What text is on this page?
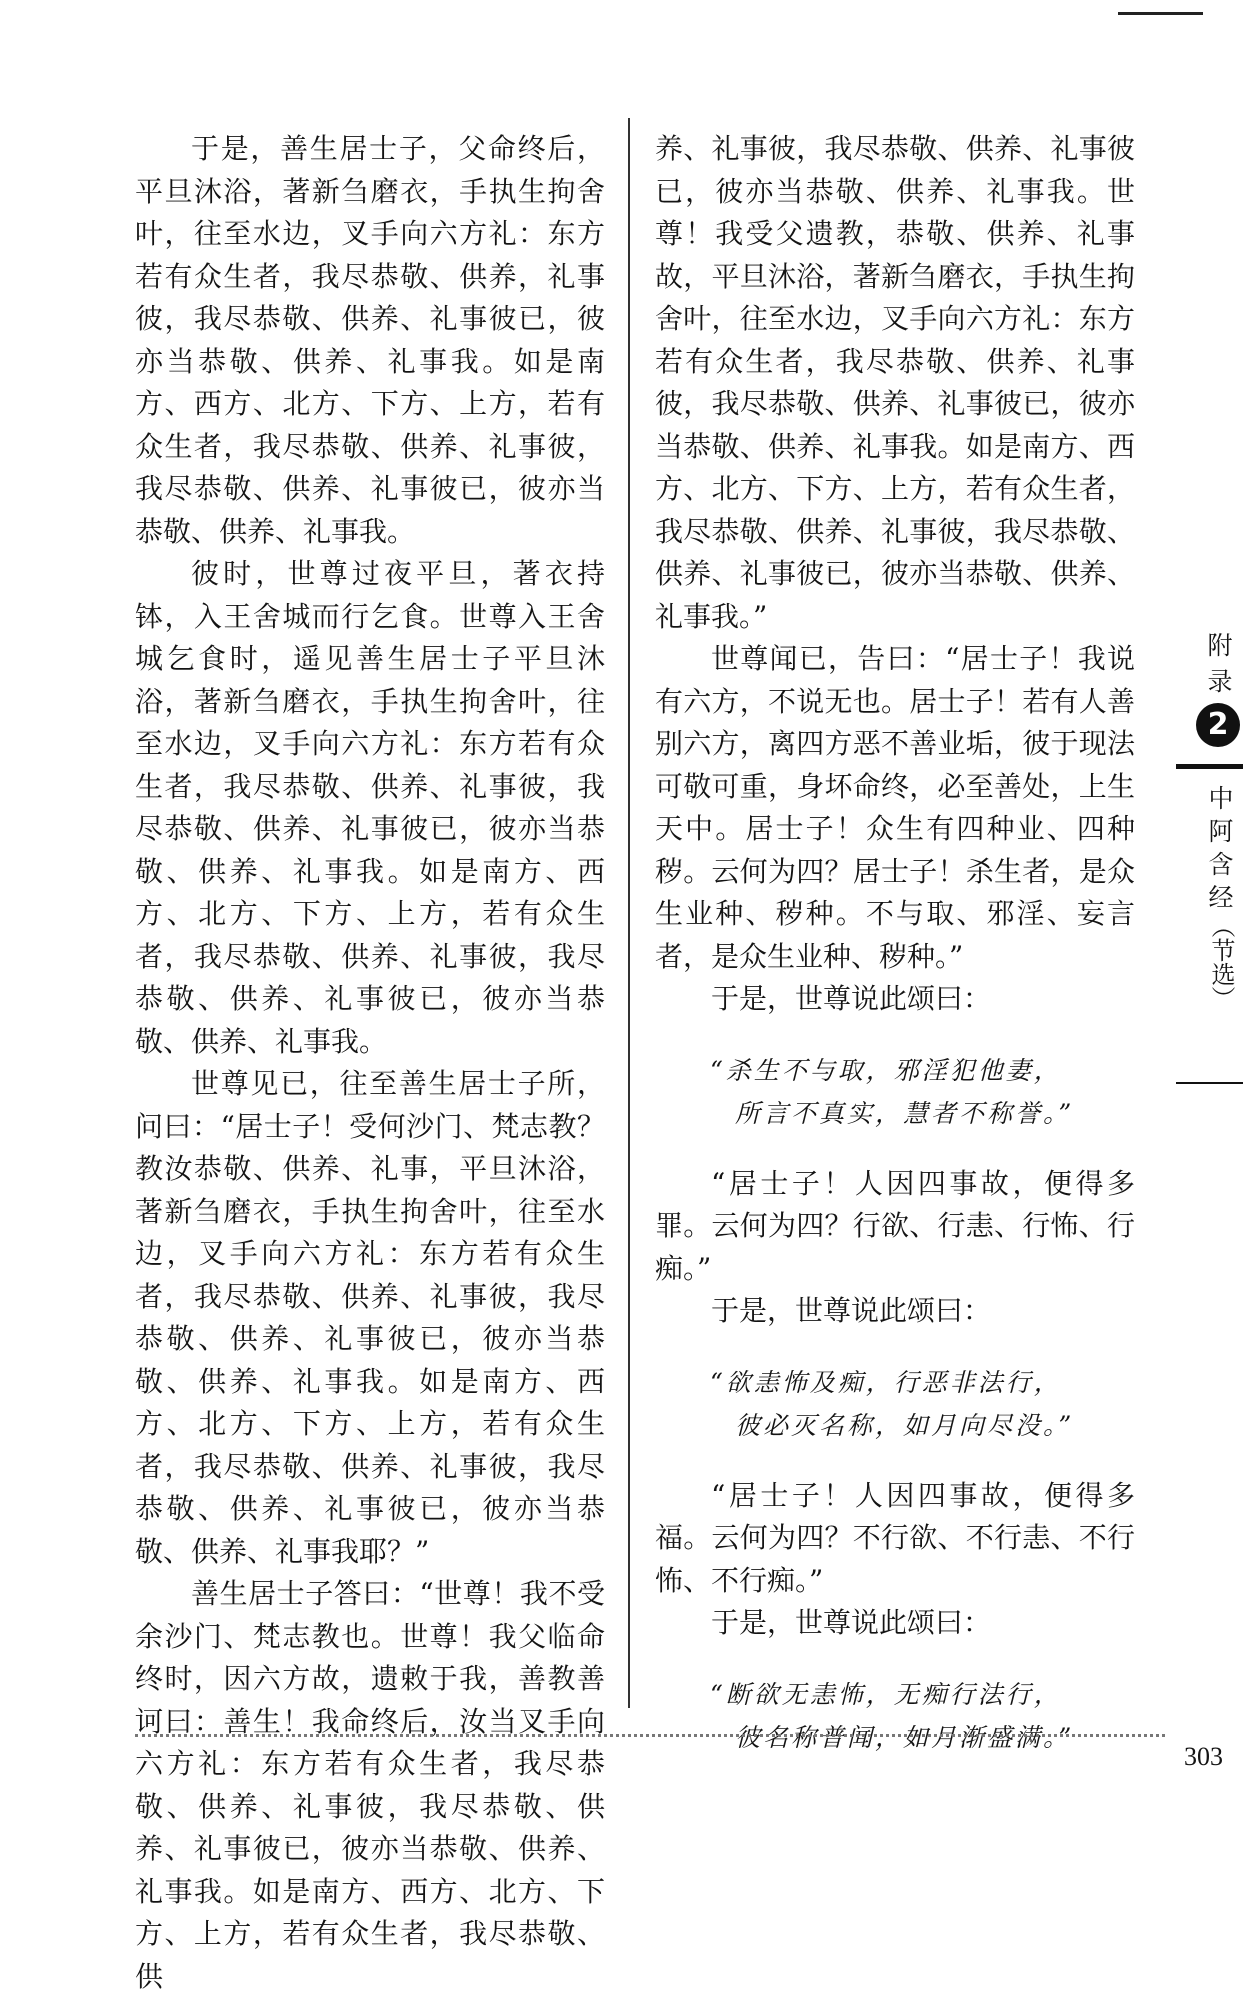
于是，善生居士子，父命终后，平旦沐浴，著新刍磨衣，手执生拘舍叶，往至水边，叉手向六方礼：东方若有众生者，我尽恭敬、供养，礼事彼，我尽恭敬、供养、礼事彼已，彼亦当恭敬、供养、礼事我。如是南方、西方、北方、下方、上方，若有众生者，我尽恭敬、供养、礼事彼，我尽恭敬、供养、礼事彼已，彼亦当恭敬、供养、礼事我。

彼时，世尊过夜平旦，著衣持钵，入王舍城而行乞食。世尊入王舍城乞食时，遥见善生居士子平旦沐浴，著新刍磨衣，手执生拘舍叶，往至水边，叉手向六方礼：东方若有众生者，我尽恭敬、供养、礼事彼，我尽恭敬、供养、礼事彼已，彼亦当恭敬、供养、礼事我。如是南方、西方、北方、下方、上方，若有众生者，我尽恭敬、供养、礼事彼，我尽恭敬、供养、礼事彼已，彼亦当恭敬、供养、礼事我。

世尊见已，往至善生居士子所，问曰：“居士子！受何沙门、梵志教？教汝恭敬、供养、礼事，平旦沐浴，著新刍磨衣，手执生拘舍叶，往至水边，叉手向六方礼：东方若有众生者，我尽恭敬、供养、礼事彼，我尽恭敬、供养、礼事彼已，彼亦当恭敬、供养、礼事我。如是南方、西方、北方、下方、上方，若有众生者，我尽恭敬、供养、礼事彼，我尽恭敬、供养、礼事彼已，彼亦当恭敬、供养、礼事我耶？”

善生居士子答曰：“世尊！我不受余沙门、梵志教也。世尊！我父临命终时，因六方故，遗敕于我，善教善诃曰：善生！我命终后，汝当叉手向六方礼：东方若有众生者，我尽恭敬、供养、礼事彼，我尽恭敬、供养、礼事彼已，彼亦当恭敬、供养、礼事我。如是南方、西方、北方、下方、上方，若有众生者，我尽恭敬、供

养、礼事彼，我尽恭敬、供养、礼事彼已，彼亦当恭敬、供养、礼事我。世尊！我受父遗教，恭敬、供养、礼事故，平旦沐浴，著新刍磨衣，手执生拘舍叶，往至水边，叉手向六方礼：东方若有众生者，我尽恭敬、供养、礼事彼，我尽恭敬、供养、礼事彼已，彼亦当恭敬、供养、礼事我。如是南方、西方、北方、下方、上方，若有众生者，我尽恭敬、供养、礼事彼，我尽恭敬、供养、礼事彼已，彼亦当恭敬、供养、礼事我。”

世尊闻已，告曰：“居士子！我说有六方，不说无也。居士子！若有人善别六方，离四方恶不善业垢，彼于现法可敬可重，身坏命终，必至善处，上生天中。居士子！众生有四种业、四种秽。云何为四？居士子！杀生者，是众生业种、秽种。不与取、邪淫、妄言者，是众生业种、秽种。”

于是，世尊说此颂曰：

“杀生不与取，邪淫犯他妻，
所言不真实，慧者不称誉。”

“居士子！人因四事故，便得多罪。云何为四？行欲、行恚、行怖、行痴。”

于是，世尊说此颂曰：

“欲恚怖及痴，行恶非法行，
彼必灭名称，如月向尽没。”

“居士子！人因四事故，便得多福。云何为四？不行欲、不行恚、不行怖、不行痴。”

于是，世尊说此颂曰：

“断欲无恚怖，无痴行法行，
彼名称普闻，如月渐盛满。”
附
录
2
中
阿
含
经
（节选）
303
